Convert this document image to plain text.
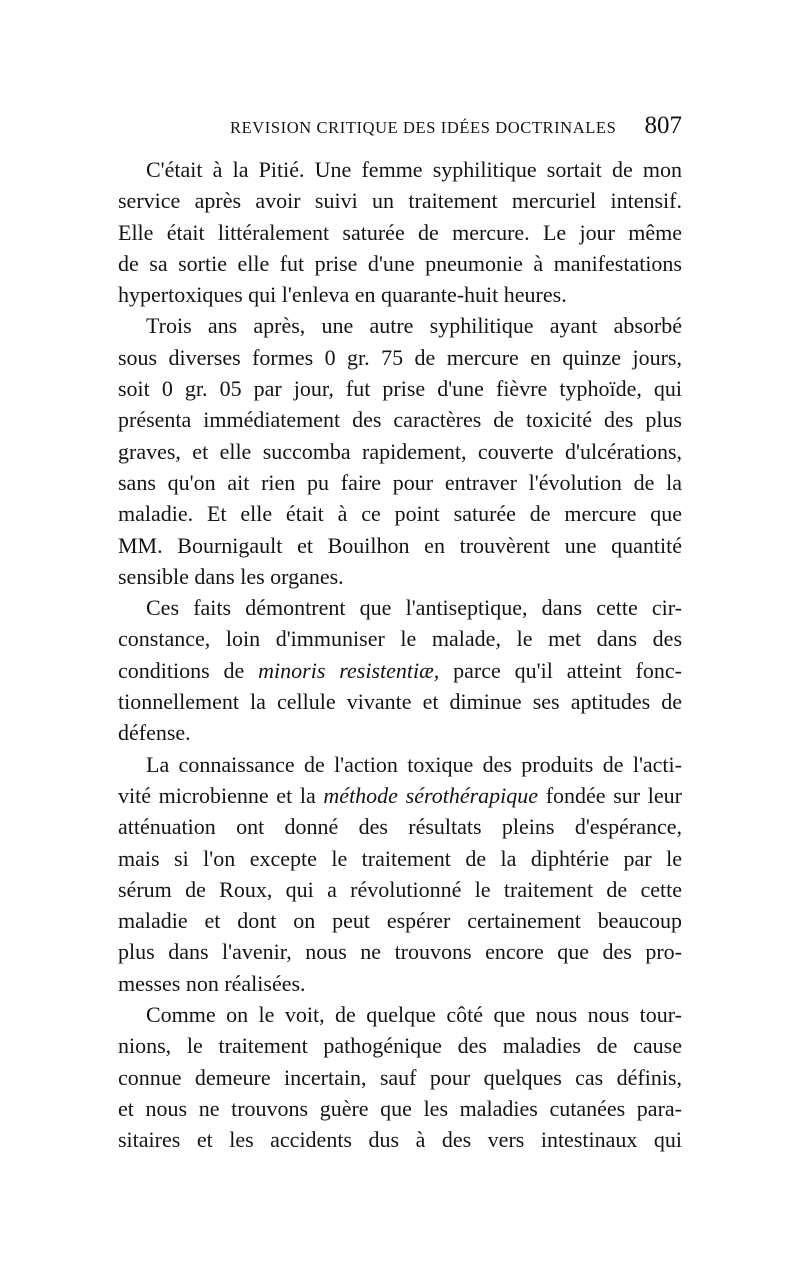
REVISION CRITIQUE DES IDÉES DOCTRINALES 807

C'était à la Pitié. Une femme syphilitique sortait de mon
service après avoir suivi un traitement mercuriel intensif.
Elle était littéralement saturée de mercure. Le jour même
de sa sortie elle fut prise d'une pneumonie à manifestations
hypertoxiques qui l'enleva en quarante-huit heures.

Trois ans après, une autre syphilitique ayant absorbé
sous diverses formes 0 gr. 75 de mercure en quinze jours,
soit 0 gr. 05 par jour, fut prise d'une fièvre typhoïde, qui
présenta immédiatement des caractères de toxicité des plus
graves, et elle succomba rapidement, couverte d'ulcérations,
sans qu'on ait rien pu faire pour entraver l'évolution de la
maladie. Et elle était à ce point saturée de mercure que
MM. Bournigault et Bouilhon en trouvèrent une quantité
sensible dans les organes.

Ces faits démontrent que l'antiseptique, dans cette cir-
constance, loin d'immuniser le malade, le met dans des
conditions de minoris resistentiæ, parce qu'il atteint fonc-
tionnellement la cellule vivante et diminue ses aptitudes de
défense.

La connaissance de l'action toxique des produits de l'acti-
vité microbienne et la méthode sérothérapique fondée sur leur
atténuation ont donné des résultats pleins d'espérance,
mais si l'on excepte le traitement de la diphtérie par le
sérum de Roux, qui a révolutionné le traitement de cette
maladie et dont on peut espérer certainement beaucoup
plus dans l'avenir, nous ne trouvons encore que des pro-
messes non réalisées.

Comme on le voit, de quelque côté que nous nous tour-
nions, le traitement pathogénique des maladies de cause
connue demeure incertain, sauf pour quelques cas définis,
et nous ne trouvons guère que les maladies cutanées para-
sitaires et les accidents dus à des vers intestinaux qui
